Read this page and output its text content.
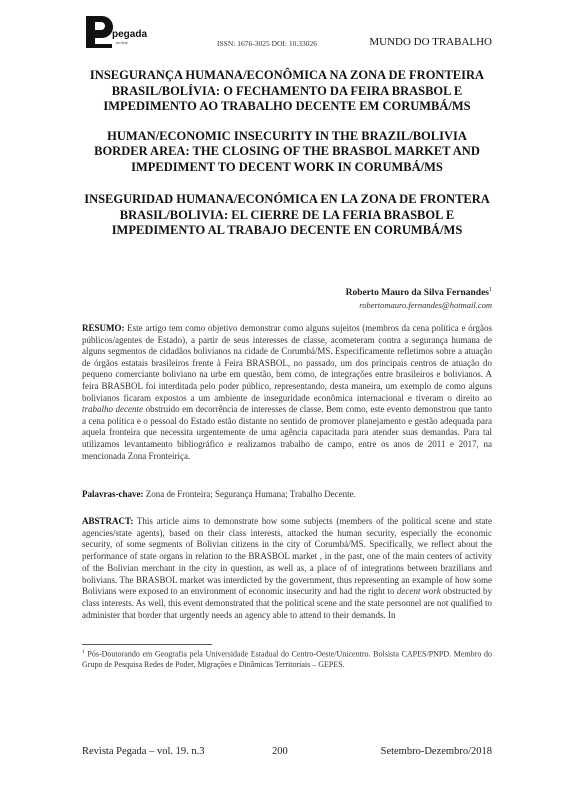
pegada
on line	ISSN: 1676-3025 DOI: 10.33026	MUNDO DO TRABALHO

INSEGURANÇA HUMANA/ECONÔMICA NA ZONA DE FRONTEIRA BRASIL/BOLÍVIA: O FECHAMENTO DA FEIRA BRASBOL E IMPEDIMENTO AO TRABALHO DECENTE EM CORUMBÁ/MS

HUMAN/ECONOMIC INSECURITY IN THE BRAZIL/BOLIVIA BORDER AREA: THE CLOSING OF THE BRASBOL MARKET AND IMPEDIMENT TO DECENT WORK IN CORUMBÁ/MS

INSEGURIDAD HUMANA/ECONÓMICA EN LA ZONA DE FRONTERA BRASIL/BOLIVIA: EL CIERRE DE LA FERIA BRASBOL E IMPEDIMENTO AL TRABAJO DECENTE EN CORUMBÁ/MS

Roberto Mauro da Silva Fernandes$^1$
robertomauro.fernandes@hotmail.com

RESUMO: Este artigo tem como objetivo demonstrar como alguns sujeitos (membros da cena política e órgãos públicos/agentes de Estado), a partir de seus interesses de classe, acometeram contra a segurança humana de alguns segmentos de cidadãos bolivianos na cidade de Corumbá/MS. Especificamente refletimos sobre a atuação de órgãos estatais brasileiros frente à Feira BRASBOL, no passado, um dos principais centros de atuação do pequeno comerciante boliviano na urbe em questão, bem como, de integrações entre brasileiros e bolivianos. A feira BRASBOL foi interditada pelo poder público, representando, desta maneira, um exemplo de como alguns bolivianos ficaram expostos a um ambiente de inseguridade econômica internacional e tiveram o direito ao trabalho decente obstruído em decorrência de interesses de classe. Bem como, este evento demonstrou que tanto a cena política e o pessoal do Estado estão distante no sentido de promover planejamento e gestão adequada para aquela fronteira que necessita urgentemente de uma agência capacitada para atender suas demandas. Para tal utilizamos levantamento bibliográfico e realizamos trabalho de campo, entre os anos de 2011 e 2017, na mencionada Zona Fronteiriça.

Palavras-chave: Zona de Fronteira; Segurança Humana; Trabalho Decente.

ABSTRACT: This article aims to demonstrate how some subjects (members of the political scene and state agencies/state agents), based on their class interests, attacked the human security, especially the economic security, of some segments of Bolivian citizens in the city of Corumbá/MS. Specifically, we reflect about the performance of state organs in relation to the BRASBOL market , in the past, one of the main centers of activity of the Bolivian merchant in the city in question, as well as, a place of of integrations between brazilians and bolivians. The BRASBOL market was interdicted by the government, thus representing an example of how some Bolivians were exposed to an environment of economic insecurity and had the right to decent work obstructed by class interests. As well, this event demonstrated that the political scene and the state personnel are not qualified to administer that border that urgently needs an agency able to attend to their demands. In

$^1$ Pós-Doutorando em Geografia pela Universidade Estadual do Centro-Oeste/Unicentro. Bolsista CAPES/PNPD. Membro do Grupo de Pesquisa Redes de Poder, Migrações e Dinâmicas Territoriais – GEPES.

Revista Pegada – vol. 19. n.3	200	Setembro-Dezembro/2018
